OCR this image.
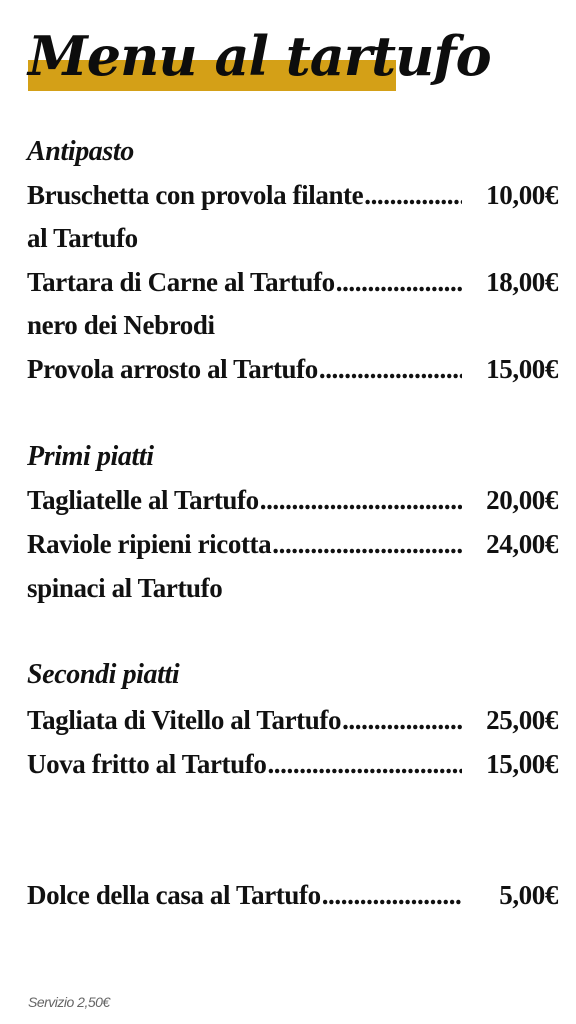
Menu al tartufo
Antipasto
Bruschetta con provola filante .....	10,00€
al Tartufo
Tartara di Carne al Tartufo .....	18,00€
nero dei Nebrodi
Provola arrosto al Tartufo .....	15,00€
Primi piatti
Tagliatelle al Tartufo .....	20,00€
Raviole ripieni ricotta .....	24,00€
spinaci al Tartufo
Secondi piatti
Tagliata di Vitello al Tartufo .....	25,00€
Uova fritto al Tartufo .....	15,00€
Dolce della casa al Tartufo .....	5,00€
Servizio 2,50€
